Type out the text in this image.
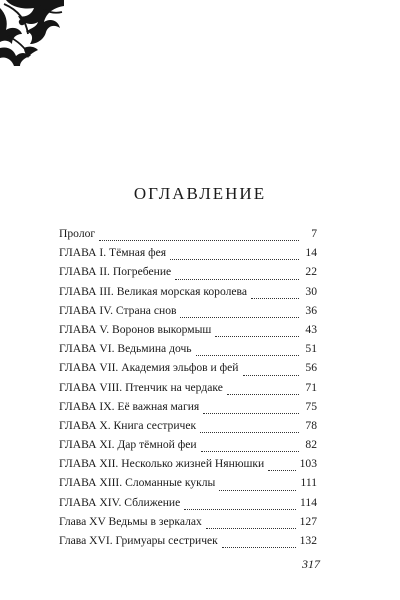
ОГЛАВЛЕНИЕ
Пролог	7
ГЛАВА I. Тёмная фея	14
ГЛАВА II. Погребение	22
ГЛАВА III. Великая морская королева	30
ГЛАВА IV. Страна снов	36
ГЛАВА V. Воронов выкормыш	43
ГЛАВА VI. Ведьмина дочь	51
ГЛАВА VII. Академия эльфов и фей	56
ГЛАВА VIII. Птенчик на чердаке	71
ГЛАВА IX. Её важная магия	75
ГЛАВА X. Книга сестричек	78
ГЛАВА XI. Дар тёмной феи	82
ГЛАВА XII. Несколько жизней Нянюшки	103
ГЛАВА XIII. Сломанные куклы	111
ГЛАВА XIV. Сближение	114
Глава XV Ведьмы в зеркалах	127
Глава XVI. Гримуары сестричек	132
317
